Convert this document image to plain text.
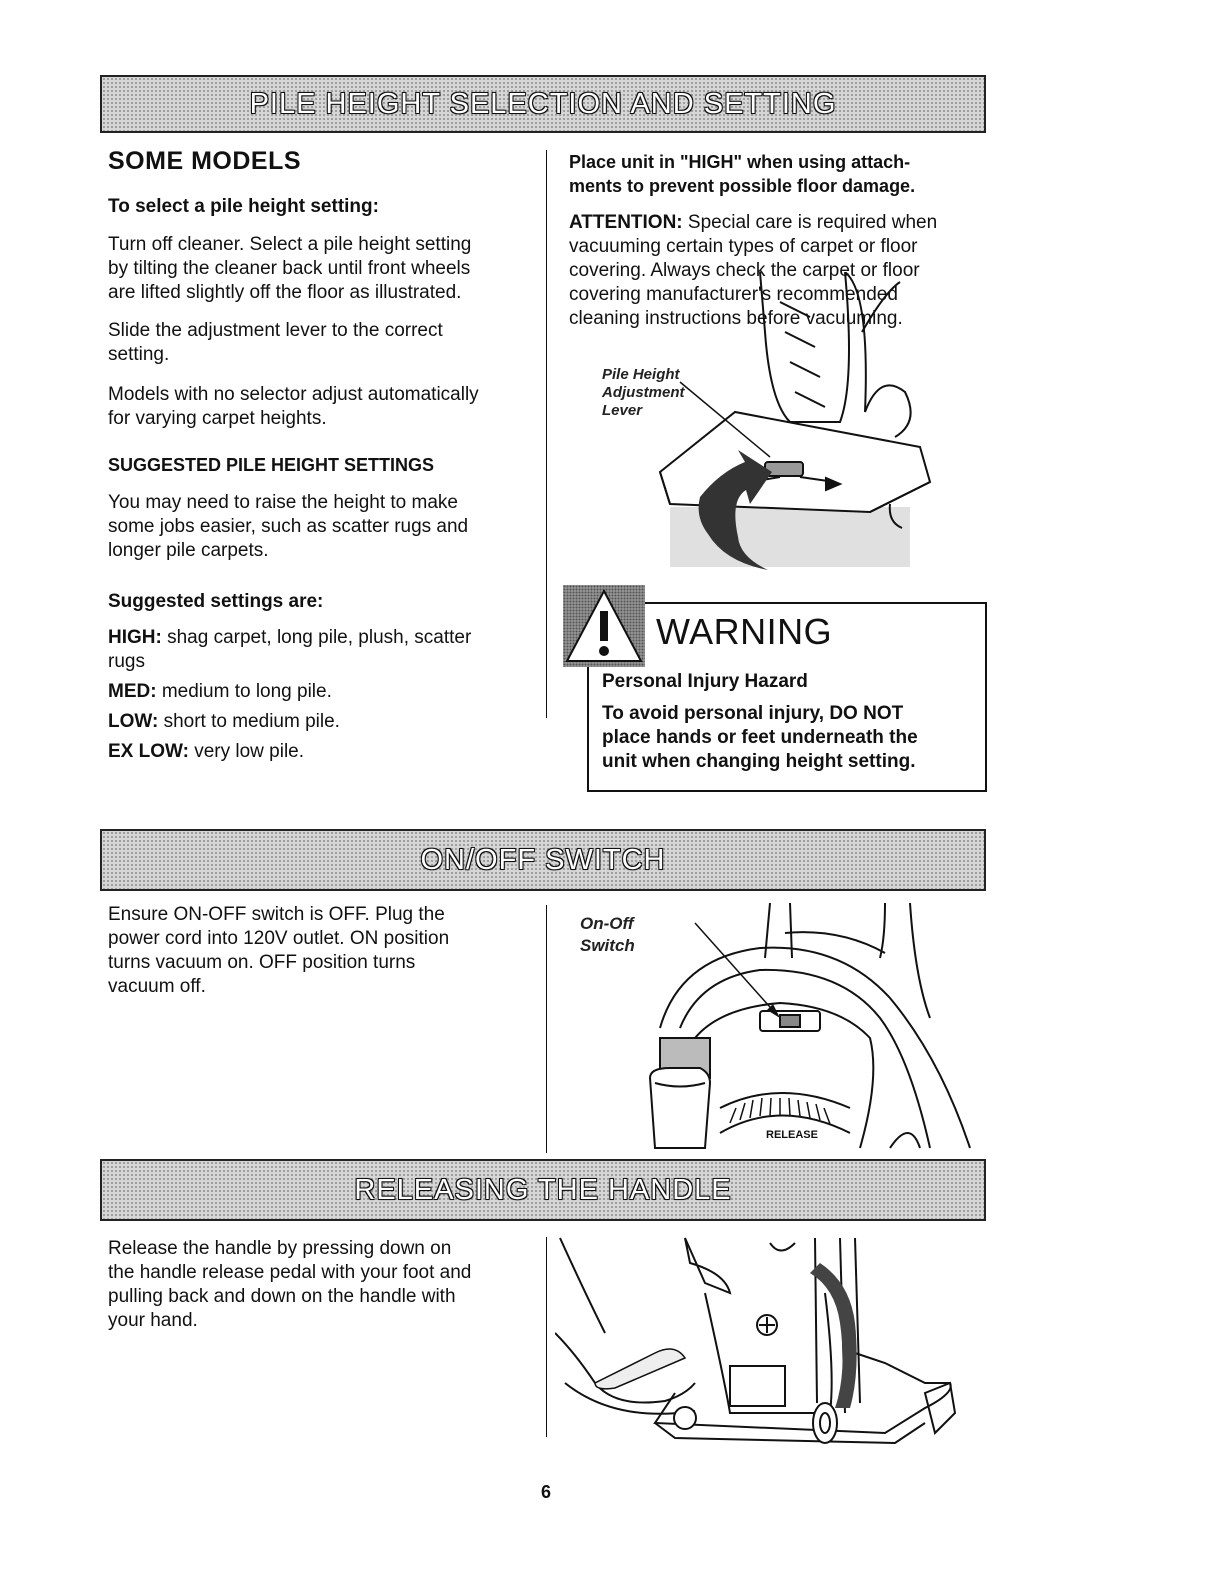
PILE HEIGHT SELECTION AND SETTING
SOME MODELS
To select a pile height setting:
Turn off cleaner. Select a pile height setting
by tilting the cleaner back until front wheels
are lifted slightly off the floor as illustrated.
Slide the adjustment lever to the correct
setting.
Models with no selector adjust automatically
for varying carpet heights.
SUGGESTED PILE HEIGHT SETTINGS
You may need to raise the height to make
some jobs easier, such as scatter rugs and
longer pile carpets.
Suggested settings are:
HIGH: shag carpet, long pile, plush, scatter
rugs
MED: medium to long pile.
LOW: short to medium pile.
EX LOW: very low pile.
Place unit in "HIGH" when using attach-
ments to prevent possible floor damage.
ATTENTION: Special care is required when
vacuuming certain types of carpet or floor
covering. Always check the carpet or floor
covering manufacturer's recommended
cleaning instructions before vacuuming.
Pile Height
Adjustment
Lever
WARNING
Personal Injury Hazard
To avoid personal injury, DO NOT
place hands or feet underneath the
unit when changing height setting.
ON/OFF SWITCH
Ensure ON-OFF switch is OFF. Plug the
power cord into 120V outlet. ON position
turns vacuum on. OFF position turns
vacuum off.
On-Off
Switch
RELEASE
RELEASING THE HANDLE
Release the handle by pressing down on
the handle release pedal with your foot and
pulling back and down on the handle with
your hand.
6
